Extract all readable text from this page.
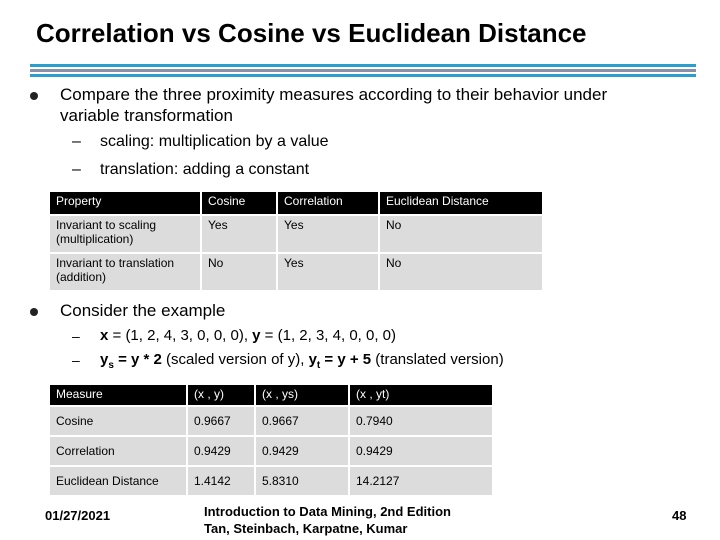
Correlation vs Cosine vs Euclidean Distance
Compare the three proximity measures according to their behavior under variable transformation
– scaling: multiplication by a value
– translation: adding a constant
Property	Cosine	Correlation	Euclidean Distance
Invariant to scaling (multiplication)	Yes	Yes	No
Invariant to translation (addition)	No	Yes	No
Consider the example
– x = (1, 2, 4, 3, 0, 0, 0), y = (1, 2, 3, 4, 0, 0, 0)
– $y_s = y * 2$ (scaled version of y), $y_t = y + 5$ (translated version)
Measure	(x , y)	(x , ys)	(x , yt)
Cosine	0.9667	0.9667	0.7940
Correlation	0.9429	0.9429	0.9429
Euclidean Distance	1.4142	5.8310	14.2127
01/27/2021	Introduction to Data Mining, 2nd Edition
Tan, Steinbach, Karpatne, Kumar
48
